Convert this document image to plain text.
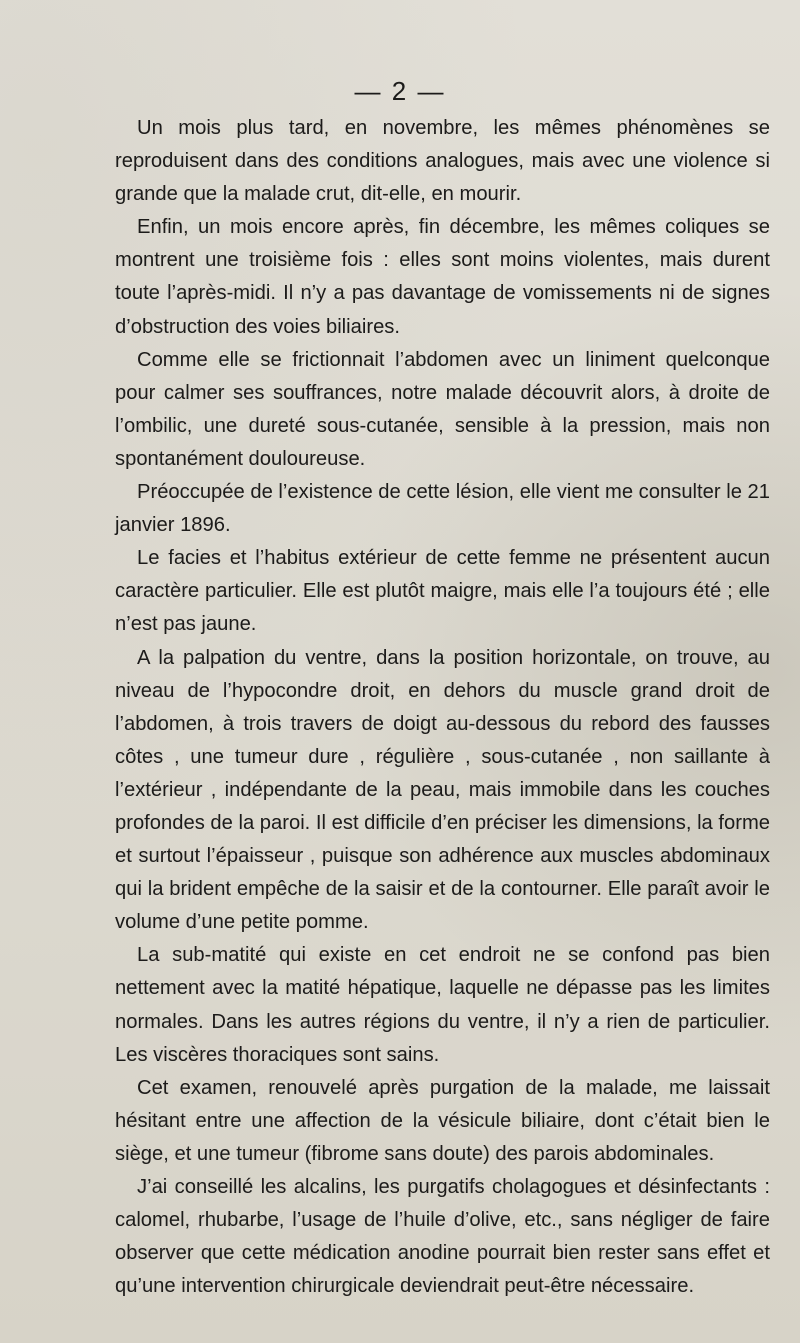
— 2 —

Un mois plus tard, en novembre, les mêmes phénomènes se reproduisent dans des conditions analogues, mais avec une violence si grande que la malade crut, dit-elle, en mourir.

Enfin, un mois encore après, fin décembre, les mêmes coliques se montrent une troisième fois : elles sont moins violentes, mais durent toute l’après-midi. Il n’y a pas davantage de vomissements ni de signes d’obstruction des voies biliaires.

Comme elle se frictionnait l’abdomen avec un liniment quelconque pour calmer ses souffrances, notre malade découvrit alors, à droite de l’ombilic, une dureté sous-cutanée, sensible à la pression, mais non spontanément douloureuse.

Préoccupée de l’existence de cette lésion, elle vient me consulter le 21 janvier 1896.

Le facies et l’habitus extérieur de cette femme ne présentent aucun caractère particulier. Elle est plutôt maigre, mais elle l’a toujours été ; elle n’est pas jaune.

A la palpation du ventre, dans la position horizontale, on trouve, au niveau de l’hypocondre droit, en dehors du muscle grand droit de l’abdomen, à trois travers de doigt au-dessous du rebord des fausses côtes , une tumeur dure , régulière , sous-cutanée , non saillante à l’extérieur , indépendante de la peau, mais immobile dans les couches profondes de la paroi. Il est difficile d’en préciser les dimensions, la forme et surtout l’épaisseur , puisque son adhérence aux muscles abdominaux qui la brident empêche de la saisir et de la contourner. Elle paraît avoir le volume d’une petite pomme.

La sub-matité qui existe en cet endroit ne se confond pas bien nettement avec la matité hépatique, laquelle ne dépasse pas les limites normales. Dans les autres régions du ventre, il n’y a rien de particulier. Les viscères thoraciques sont sains.

Cet examen, renouvelé après purgation de la malade, me laissait hésitant entre une affection de la vésicule biliaire, dont c’était bien le siège, et une tumeur (fibrome sans doute) des parois abdominales.

J’ai conseillé les alcalins, les purgatifs cholagogues et désinfectants : calomel, rhubarbe, l’usage de l’huile d’olive, etc., sans négliger de faire observer que cette médication anodine pourrait bien rester sans effet et qu’une intervention chirurgicale deviendrait peut-être nécessaire.
